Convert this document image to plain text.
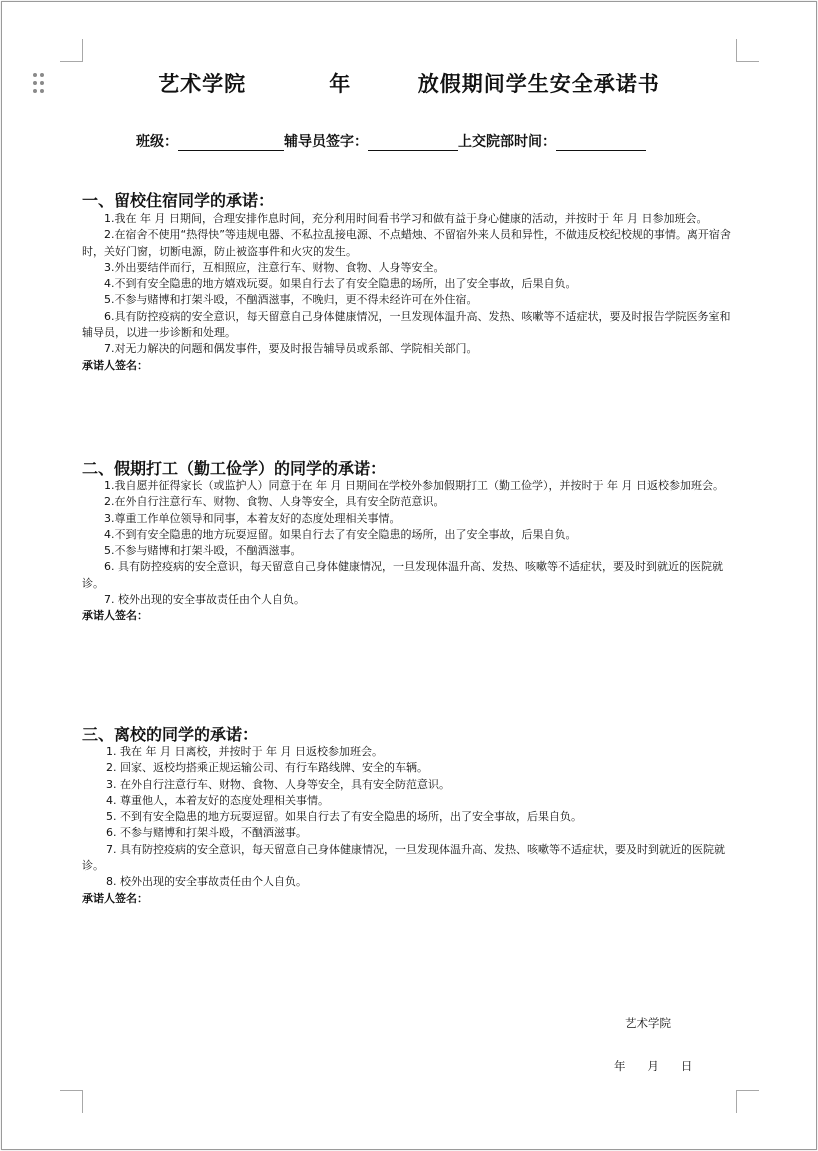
艺术学院          年        放假期间学生安全承诺书
班级：	辅导员签字：	上交院部时间：
一、留校住宿同学的承诺：

1.我在 年 月 日期间，合理安排作息时间，充分利用时间看书学习和做有益于身心健康的活动，并按时于 年 月 日参加班会。

2.在宿舍不使用“热得快”等违规电器、不私拉乱接电源、不点蜡烛、不留宿外来人员和异性，不做违反校纪校规的事情。离开宿舍时，关好门窗，切断电源，防止被盗事件和火灾的发生。

3.外出要结伴而行，互相照应，注意行车、财物、食物、人身等安全。

4.不到有安全隐患的地方嬉戏玩耍。如果自行去了有安全隐患的场所，出了安全事故，后果自负。

5.不参与赌博和打架斗殴，不酗酒滋事，不晚归，更不得未经许可在外住宿。

6.具有防控疫病的安全意识，每天留意自己身体健康情况，一旦发现体温升高、发热、咳嗽等不适症状，要及时报告学院医务室和辅导员，以进一步诊断和处理。

7.对无力解决的问题和偶发事件，要及时报告辅导员或系部、学院相关部门。

承诺人签名：

二、假期打工（勤工俭学）的同学的承诺：

1.我自愿并征得家长（或监护人）同意于在 年 月 日期间在学校外参加假期打工（勤工俭学），并按时于 年 月 日返校参加班会。

2.在外自行注意行车、财物、食物、人身等安全，具有安全防范意识。

3.尊重工作单位领导和同事，本着友好的态度处理相关事情。

4.不到有安全隐患的地方玩耍逗留。如果自行去了有安全隐患的场所，出了安全事故，后果自负。

5.不参与赌博和打架斗殴，不酗酒滋事。

6. 具有防控疫病的安全意识，每天留意自己身体健康情况，一旦发现体温升高、发热、咳嗽等不适症状，要及时到就近的医院就诊。

7. 校外出现的安全事故责任由个人自负。

承诺人签名：

三、离校的同学的承诺：

1. 我在 年 月 日离校，并按时于 年 月 日返校参加班会。

2. 回家、返校均搭乘正规运输公司、有行车路线牌、安全的车辆。

3. 在外自行注意行车、财物、食物、人身等安全，具有安全防范意识。

4. 尊重他人，本着友好的态度处理相关事情。

5. 不到有安全隐患的地方玩耍逗留。如果自行去了有安全隐患的场所，出了安全事故，后果自负。

6. 不参与赌博和打架斗殴，不酗酒滋事。

7. 具有防控疫病的安全意识，每天留意自己身体健康情况，一旦发现体温升高、发热、咳嗽等不适症状，要及时到就近的医院就诊。

8. 校外出现的安全事故责任由个人自负。

承诺人签名：

艺术学院
年      月      日
